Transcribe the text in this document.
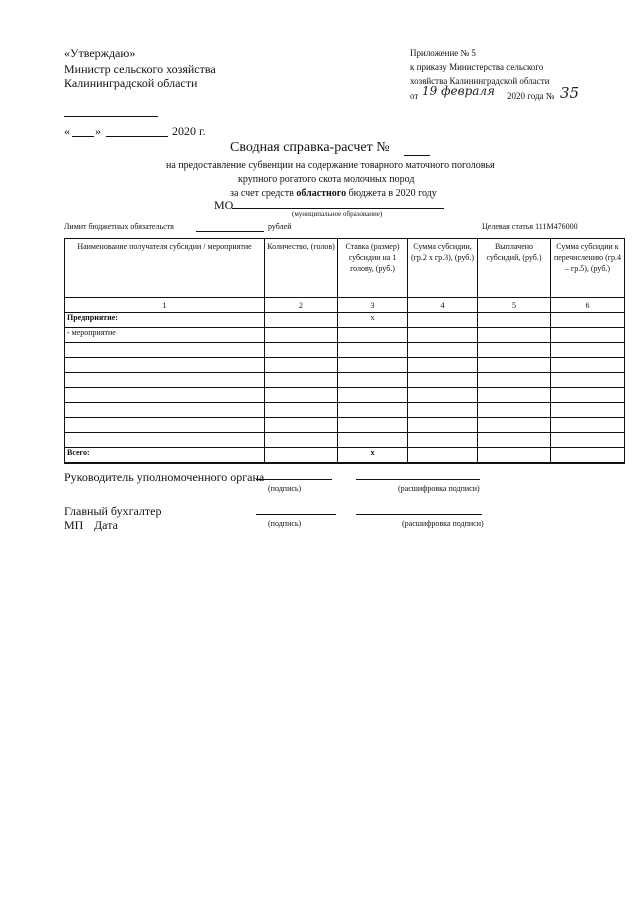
«Утверждаю»
Министр сельского хозяйства
Калининградской области
« »	2020 г.
Приложение № 5
к приказу Министерства сельского
хозяйства Калининградской области
от 19 февраля 2020 года № 35
Сводная справка-расчет №
на предоставление субвенции на содержание товарного маточного поголовья
крупного рогатого скота молочных пород
за счет средств областного бюджета в 2020 году
МО
(муниципальное образование)
Лимит бюджетных обязательств	рублей	Целевая статья 111М476000
Наименование получателя субсидии / мероприятие	Количество, (голов)	Ставка (размер) субсидии на 1 голову, (руб.)	Сумма субсидии, (гр.2 х гр.3), (руб.)	Выплачено субсидий, (руб.)	Сумма субсидии к перечислению (гр.4 – гр.5), (руб.)
1	2	3	4	5	6
Предприятие:		х			
- мероприятие					

Всего:		х			
Руководитель уполномоченного органа
(подпись)	(расшифровка подписи)
Главный бухгалтер
МП Дата	(подпись)	(расшифровка подписи)
